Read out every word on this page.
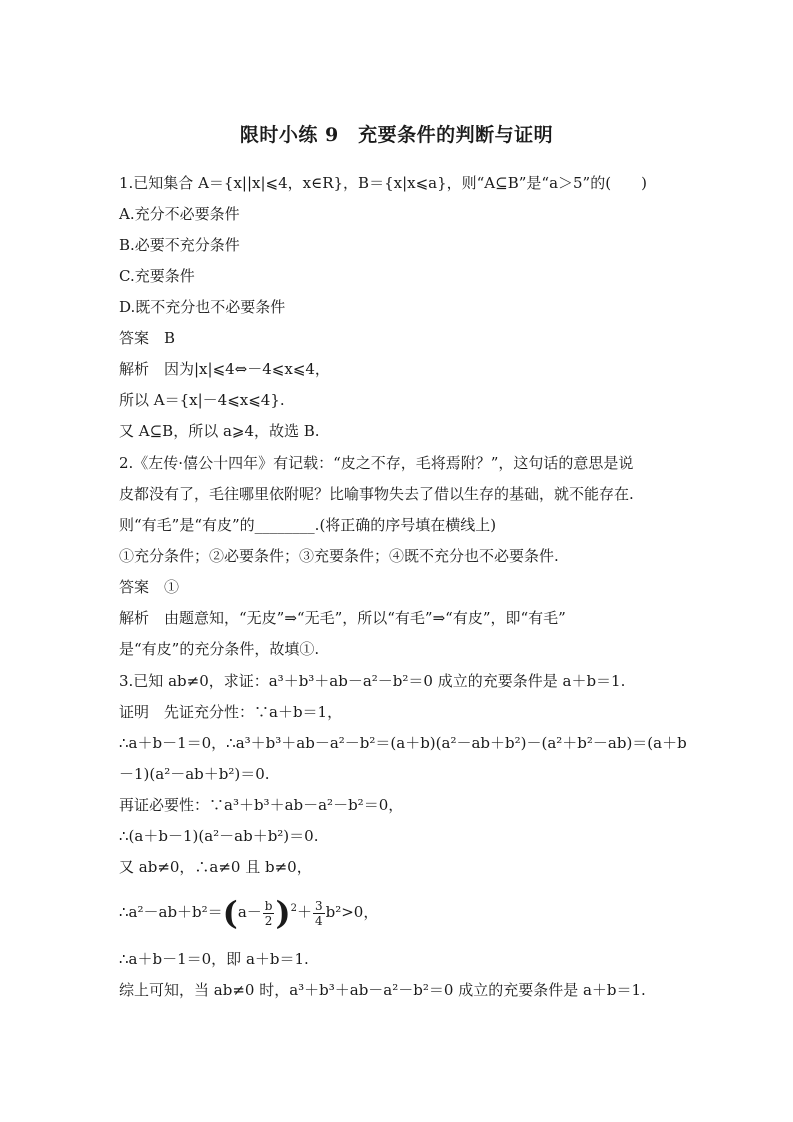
限时小练 9　充要条件的判断与证明
1.已知集合 A＝{x||x|⩽4，x∈R}，B＝{x|x⩽a}，则“A⊆B”是“a＞5”的(　　)
A.充分不必要条件
B.必要不充分条件
C.充要条件
D.既不充分也不必要条件
答案　B
解析　因为|x|⩽4⇔－4⩽x⩽4，
所以 A＝{x|－4⩽x⩽4}.
又 A⊆B，所以 a⩾4，故选 B.
2.《左传·僖公十四年》有记载：“皮之不存，毛将焉附？”，这句话的意思是说
皮都没有了，毛往哪里依附呢？比喻事物失去了借以生存的基础，就不能存在.
则“有毛”是“有皮”的________.(将正确的序号填在横线上)
①充分条件；②必要条件；③充要条件；④既不充分也不必要条件.
答案　①
解析　由题意知，“无皮”⇒“无毛”，所以“有毛”⇒“有皮”，即“有毛”
是“有皮”的充分条件，故填①.
3.已知 ab≠0，求证：a³＋b³＋ab－a²－b²＝0 成立的充要条件是 a＋b＝1.
证明　先证充分性：∵a＋b＝1，
∴a＋b－1＝0，∴a³＋b³＋ab－a²－b²＝(a＋b)(a²－ab＋b²)－(a²＋b²－ab)＝(a＋b
－1)(a²－ab＋b²)＝0.
再证必要性：∵a³＋b³＋ab－a²－b²＝0，
∴(a＋b－1)(a²－ab＋b²)＝0.
又 ab≠0，∴a≠0 且 b≠0，
∴a²－ab＋b²＝(a－ $\frac{b}{2} )^2+ \frac{3}{4} b^2>0$，
∴a＋b－1＝0，即 a＋b＝1.
综上可知，当 ab≠0 时，a³＋b³＋ab－a²－b²＝0 成立的充要条件是 a＋b＝1.
